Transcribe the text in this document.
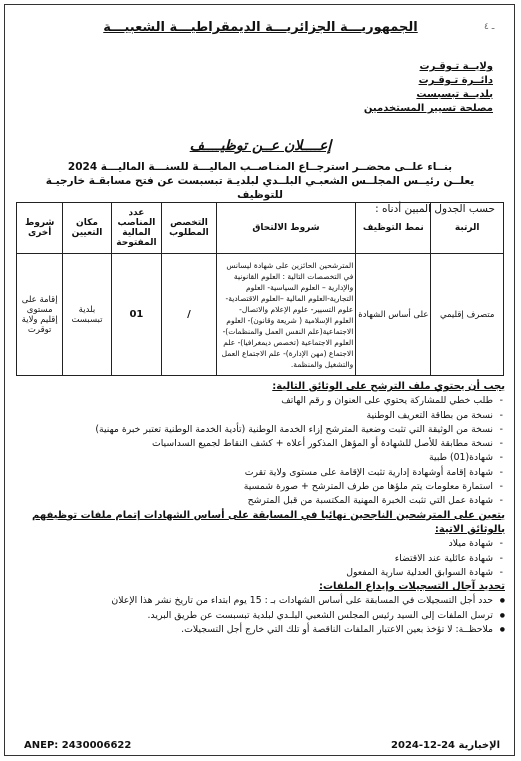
ـ ٤
الجمهوريـــة الجزائريـــة الديمقراطيـــة الشعبيـــة
ولايــة تـوقـرت
دائــرة تـوقـرت
بلديــة تبسبست
مصلحة تسيير المستخدمين
إعــــلان عــن توظيــــف
بنــاء علــى محضــر استرجــاع المنـاصــب الماليـــة للسنـــة الماليـــة 2024
يعلــن رئيــس المجلــس الشعبـي البلــدي لبلديـة تبسبست عن فتح مسابقـة خارجيـة للتوظيف
حسب الجدول المبين أدناه :
الرتبة	نمط التوظيف	شروط الالتحاق	التخصص المطلوب	عدد المناصب المالية المفتوحة	مكان التعيين	شروط أخرى
متصرف إقليمي	على أساس الشهادة	المترشحين الحائزين على شهادة ليسانس في التخصصات التالية : العلوم القانونية والإدارية – العلوم السياسية- العلوم التجارية-العلوم المالية –العلوم الاقتصادية- علوم التسيير- علوم الإعلام والاتصال- العلوم الإسلامية ( شريعة وقانون)- العلوم الاجتماعية(علم النفس العمل والمنظمات)- العلوم الاجتماعية (تخصص ديمغرافيا)- علم الاجتماع (مهن الإدارة)- علم الاجتماع العمل والتشغيل والمنظمة.	/	01	بلدية تبسبست	إقامة على مستوى إقليم ولاية توقرت
يجب أن يحتوي ملف الترشح على الوثائق التالية:
- طلب خطي للمشاركة يحتوي على العنوان و رقم الهاتف
- نسخة من بطاقة التعريف الوطنية
- نسخة من الوثيقة التي تثبت وضعية المترشح إزاء الخدمة الوطنية (تأدية الخدمة الوطنية تعتبر خبرة مهنية)
- نسخة مطابقة للأصل للشهادة أو المؤهل المذكور أعلاه + كشف النقاط لجميع السداسيات
- شهادة(01) طبية
- شهادة إقامة أوشهادة إدارية تثبت الإقامة على مستوى ولاية تقرت
- استمارة معلومات يتم ملؤها من طرف المترشح + صورة شمسية
- شهادة عمل التي تثبت الخبرة المهنية المكتسبة من قبل المترشح
يتعين على المترشحين الناجحين نهائيا في المسابقة على أساس الشهادات إتمام ملفات توظيفهم بالوثائق الاتية:
- شهادة ميلاد
- شهادة عائلية عند الاقتضاء
- شهادة السوابق العدلية سارية المفعول
تحديد آجال التسجيلات وإيداع الملفات:
● حدد أجل التسجيلات في المسابقة على أساس الشهادات بـ : 15 يوم ابتداء من تاريخ نشر هذا الإعلان
● ترسل الملفات إلى السيد رئيس المجلس الشعبي البلـدي لبلدية تبسبست عن طريق البريد.
● ملاحظــة: لا تؤخذ بعين الاعتبار الملفات الناقصة أو تلك التي خارج أجل التسجيلات.
ANEP: 2430006622	2024-12-24 الإخبارية
